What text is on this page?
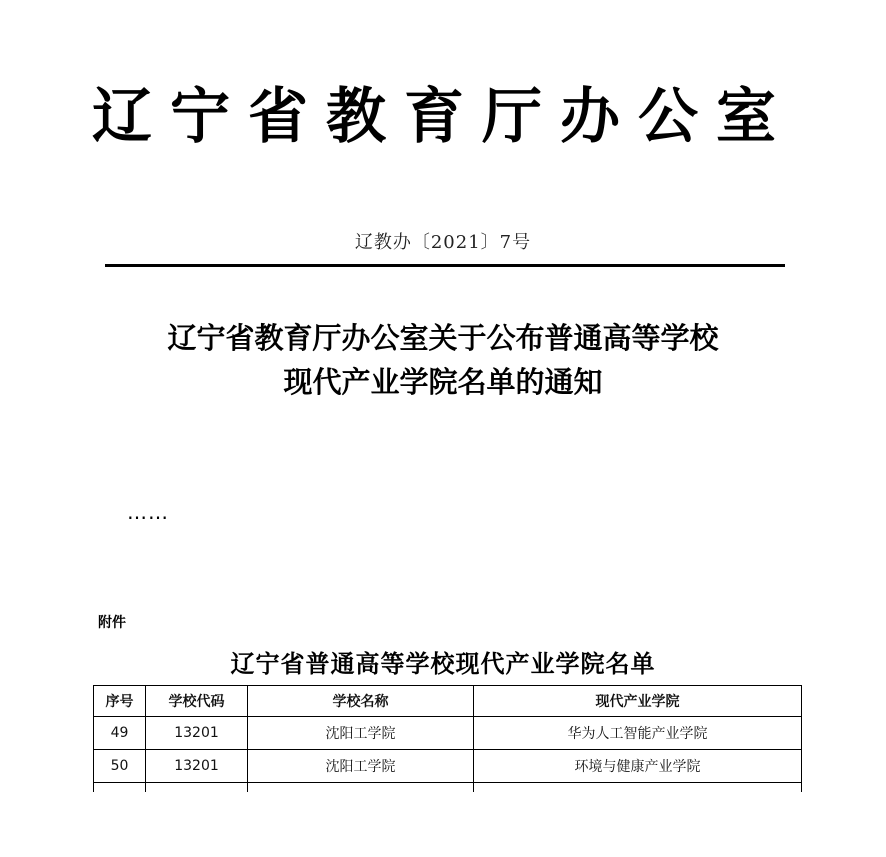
辽宁省教育厅办公室
辽教办〔2021〕7号
辽宁省教育厅办公室关于公布普通高等学校
现代产业学院名单的通知
……
附件
辽宁省普通高等学校现代产业学院名单
序号	学校代码	学校名称	现代产业学院
49	13201	沈阳工学院	华为人工智能产业学院
50	13201	沈阳工学院	环境与健康产业学院
